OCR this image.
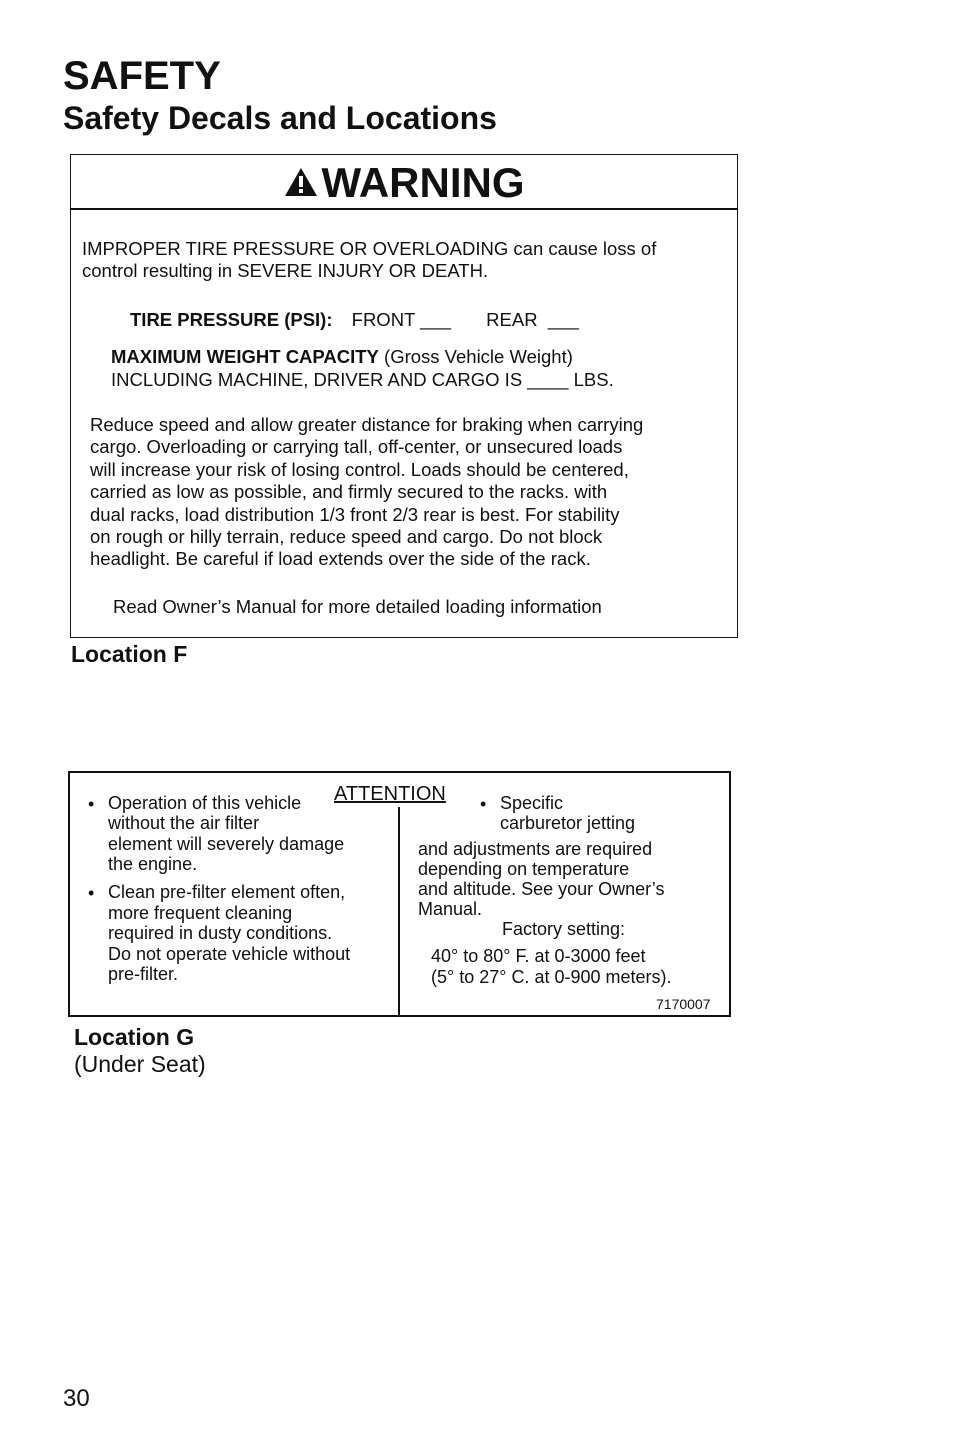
SAFETY
Safety Decals and Locations
WARNING
IMPROPER TIRE PRESSURE OR OVERLOADING can cause loss of
control resulting in SEVERE INJURY OR DEATH.
TIRE PRESSURE (PSI): FRONT ___ REAR  ___
MAXIMUM WEIGHT CAPACITY (Gross Vehicle Weight)
INCLUDING MACHINE, DRIVER AND CARGO IS ____ LBS.
Reduce speed and allow greater distance for braking when carrying
cargo. Overloading or carrying tall, off-center, or unsecured loads
will increase your risk of losing control. Loads should be centered,
carried as low as possible, and firmly secured to the racks. with
dual racks, load distribution 1/3 front 2/3 rear is best. For stability
on rough or hilly terrain, reduce speed and cargo. Do not block
headlight. Be careful if load extends over the side of the rack.
Read Owner’s Manual for more detailed loading information
Location F
ATTENTION
• Operation of this vehicle
without the air filter
element will severely damage
the engine.
• Clean pre-filter element often,
more frequent cleaning
required in dusty conditions.
Do not operate vehicle without
pre-filter.
• Specific
carburetor jetting
and adjustments are required
depending on temperature
and altitude. See your Owner’s
Manual.
Factory setting:
40° to 80° F. at 0-3000 feet
(5° to 27° C. at 0-900 meters).
7170007
Location G
(Under Seat)
30
